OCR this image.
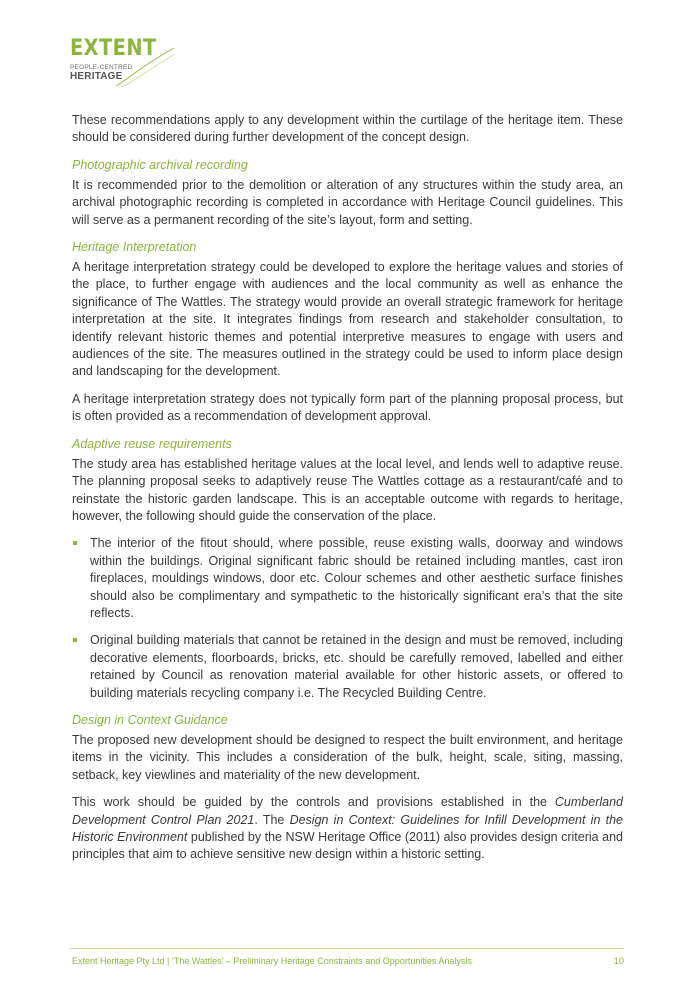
EXTENT
PEOPLE-CENTRED
HERITAGE

These recommendations apply to any development within the curtilage of the heritage item. These should be considered during further development of the concept design.

Photographic archival recording

It is recommended prior to the demolition or alteration of any structures within the study area, an archival photographic recording is completed in accordance with Heritage Council guidelines. This will serve as a permanent recording of the site’s layout, form and setting.

Heritage Interpretation

A heritage interpretation strategy could be developed to explore the heritage values and stories of the place, to further engage with audiences and the local community as well as enhance the significance of The Wattles. The strategy would provide an overall strategic framework for heritage interpretation at the site. It integrates findings from research and stakeholder consultation, to identify relevant historic themes and potential interpretive measures to engage with users and audiences of the site. The measures outlined in the strategy could be used to inform place design and landscaping for the development.

A heritage interpretation strategy does not typically form part of the planning proposal process, but is often provided as a recommendation of development approval.

Adaptive reuse requirements

The study area has established heritage values at the local level, and lends well to adaptive reuse. The planning proposal seeks to adaptively reuse The Wattles cottage as a restaurant/café and to reinstate the historic garden landscape. This is an acceptable outcome with regards to heritage, however, the following should guide the conservation of the place.

The interior of the fitout should, where possible, reuse existing walls, doorway and windows within the buildings. Original significant fabric should be retained including mantles, cast iron fireplaces, mouldings windows, door etc. Colour schemes and other aesthetic surface finishes should also be complimentary and sympathetic to the historically significant era’s that the site reflects.
Original building materials that cannot be retained in the design and must be removed, including decorative elements, floorboards, bricks, etc. should be carefully removed, labelled and either retained by Council as renovation material available for other historic assets, or offered to building materials recycling company i.e. The Recycled Building Centre.
Design in Context Guidance

The proposed new development should be designed to respect the built environment, and heritage items in the vicinity. This includes a consideration of the bulk, height, scale, siting, massing, setback, key viewlines and materiality of the new development.

This work should be guided by the controls and provisions established in the Cumberland Development Control Plan 2021. The Design in Context: Guidelines for Infill Development in the Historic Environment published by the NSW Heritage Office (2011) also provides design criteria and principles that aim to achieve sensitive new design within a historic setting.

Extent Heritage Pty Ltd | ‘The Wattles’ – Preliminary Heritage Constraints and Opportunities Analysis	10
